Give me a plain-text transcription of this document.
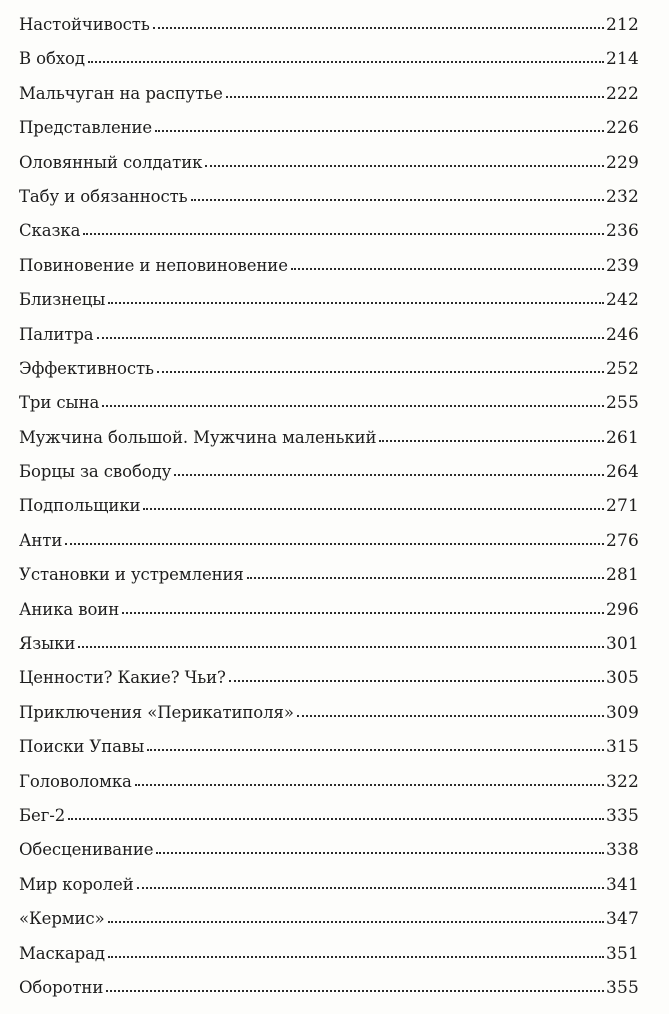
Настойчивость	212
В обход	214
Мальчуган на распутье	222
Представление	226
Оловянный солдатик	229
Табу и обязанность	232
Сказка	236
Повиновение и неповиновение	239
Близнецы	242
Палитра	246
Эффективность	252
Три сына	255
Мужчина большой. Мужчина маленький	261
Борцы за свободу	264
Подпольщики	271
Анти	276
Установки и устремления	281
Аника воин	296
Языки	301
Ценности? Какие? Чьи?	305
Приключения «Перикатиполя»	309
Поиски Упавы	315
Головоломка	322
Бег-2	335
Обесценивание	338
Мир королей	341
«Кермис»	347
Маскарад	351
Оборотни	355
